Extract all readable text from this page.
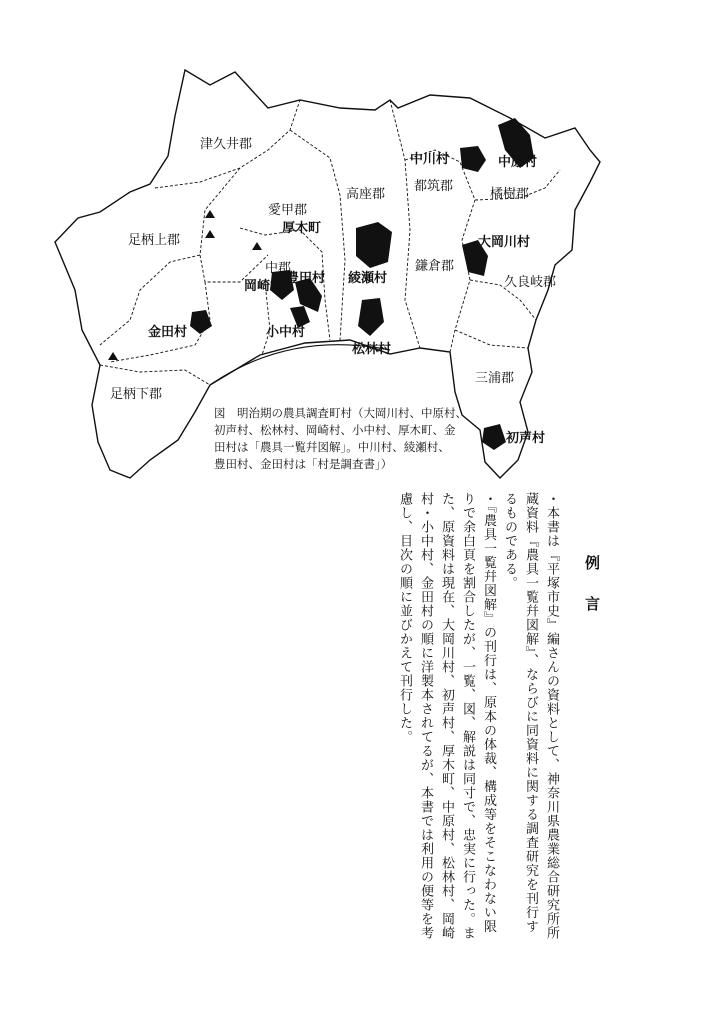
津久井郡
愛甲郡
高座郡
都筑郡
橘樹郡
足柄上郡
鎌倉郡
久良岐郡
中郡
足柄下郡
三浦郡
中川村	中原村
厚木町
大岡川村
豊田村 綾瀬村
岡崎村
金田村	小中村
松林村
初声村
図　明治期の農具調査町村（大岡川村、中原村、
初声村、松林村、岡崎村、小中村、厚木町、金
田村は「農具一覧幷図解」。中川村、綾瀬村、
豊田村、金田村は「村是調査書」）
例言

・本書は『平塚市史』編さんの資料として、神奈川県農業総合研究所所蔵資料『農具一覧幷図解』、ならびに同資料に関する調査研究を刊行するものである。

・『農具一覧幷図解』の刊行は、原本の体裁、構成等をそこなわない限りで余白頁を割合したが、一覧、図、解説は同寸で、忠実に行った。また、原資料は現在、大岡川村、初声村、厚木町、中原村、松林村、岡崎村・小中村、金田村の順に洋製本されてるが、本書では利用の便等を考慮し、目次の順に並びかえて刊行した。
